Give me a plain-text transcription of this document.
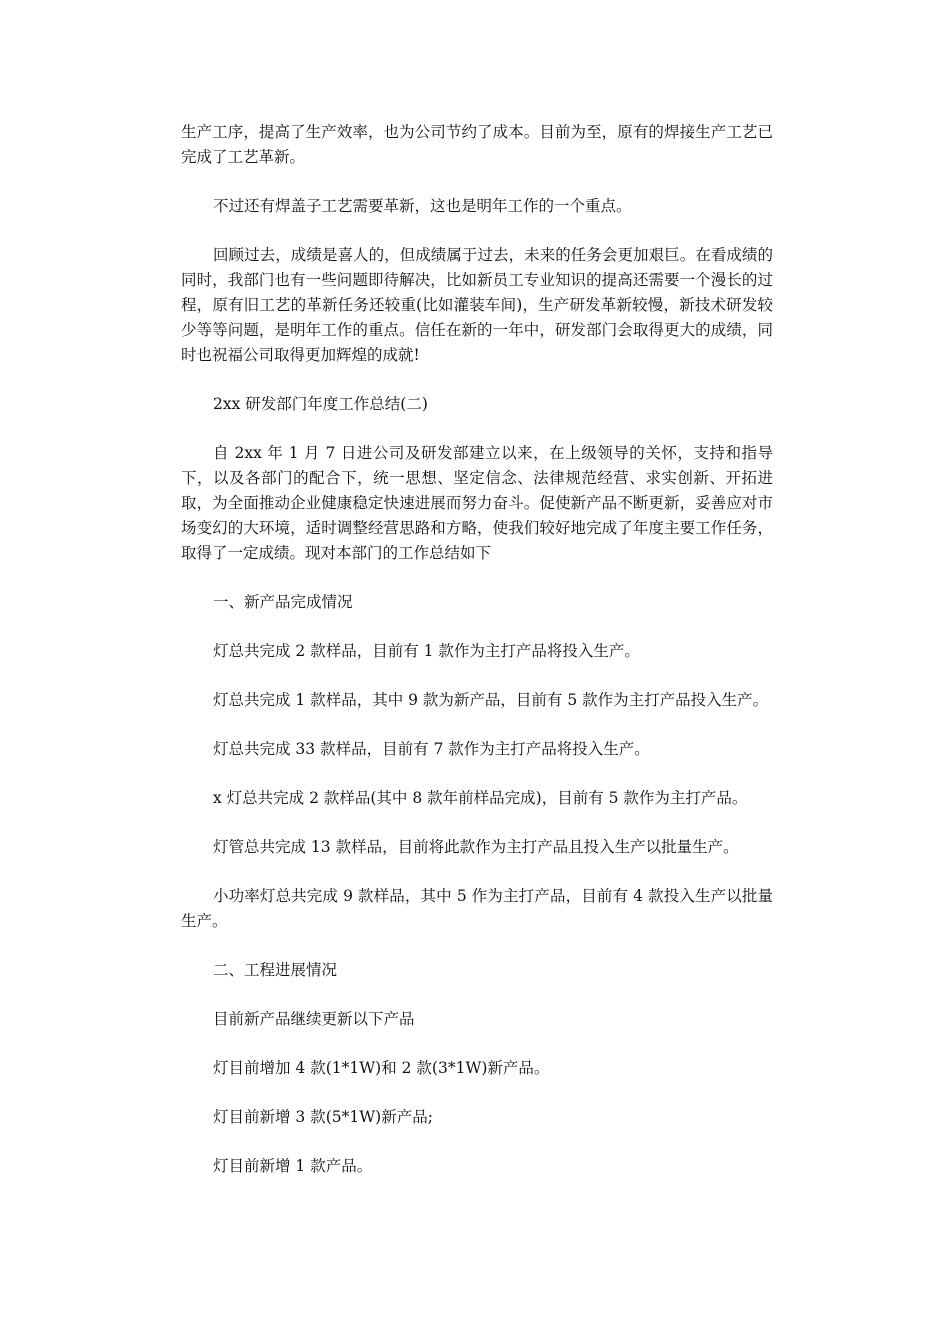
生产工序，提高了生产效率，也为公司节约了成本。目前为至，原有的焊接生产工艺已完成了工艺革新。

不过还有焊盖子工艺需要革新，这也是明年工作的一个重点。

回顾过去，成绩是喜人的，但成绩属于过去，未来的任务会更加艰巨。在看成绩的同时，我部门也有一些问题即待解决，比如新员工专业知识的提高还需要一个漫长的过程，原有旧工艺的革新任务还较重(比如灌装车间)，生产研发革新较慢，新技术研发较少等等问题，是明年工作的重点。信任在新的一年中，研发部门会取得更大的成绩，同时也祝福公司取得更加辉煌的成就!

2xx 研发部门年度工作总结(二)

自 2xx 年 1 月 7 日进公司及研发部建立以来，在上级领导的关怀，支持和指导下，以及各部门的配合下，统一思想、坚定信念、法律规范经营、求实创新、开拓进取，为全面推动企业健康稳定快速进展而努力奋斗。促使新产品不断更新，妥善应对市场变幻的大环境，适时调整经营思路和方略，使我们较好地完成了年度主要工作任务，取得了一定成绩。现对本部门的工作总结如下

一、新产品完成情况

灯总共完成 2 款样品，目前有 1 款作为主打产品将投入生产。

灯总共完成 1 款样品，其中 9 款为新产品，目前有 5 款作为主打产品投入生产。

灯总共完成 33 款样品，目前有 7 款作为主打产品将投入生产。

x 灯总共完成 2 款样品(其中 8 款年前样品完成)，目前有 5 款作为主打产品。

灯管总共完成 13 款样品，目前将此款作为主打产品且投入生产以批量生产。

小功率灯总共完成 9 款样品，其中 5 作为主打产品，目前有 4 款投入生产以批量生产。

二、工程进展情况

目前新产品继续更新以下产品

灯目前增加 4 款(1*1W)和 2 款(3*1W)新产品。

灯目前新增 3 款(5*1W)新产品;

灯目前新增 1 款产品。
